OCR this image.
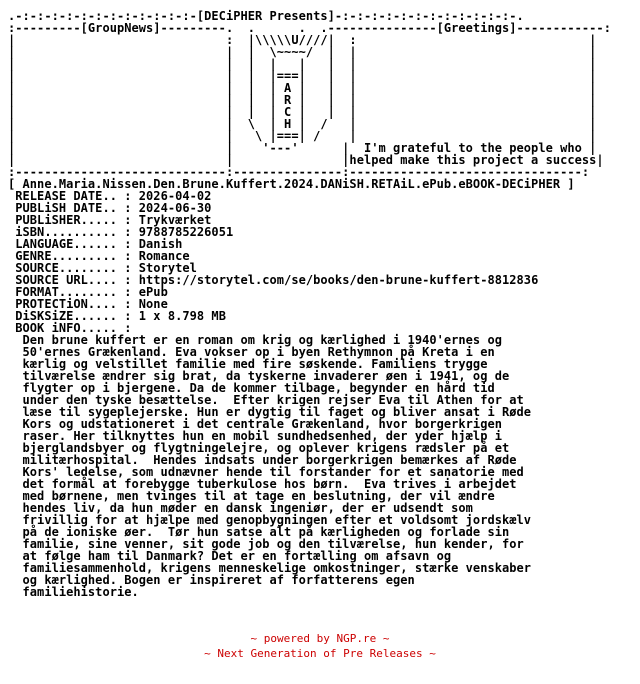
.-:-:-:-:-:-:-:-:-:-:-:-:-[DECiPHER Presents]-:-:-:-:-:-:-:-:-:-:-:-:-.
:---------[GroupNews]---------.  .      .  .---------------[Greetings]------------:
|                             :  |\\\\\U////|  :                                |
|                             |  |  \~~~~/  |  |                                |
|                             |  |  |   |   |  |                                |
|                             |  |  |===|   |  |                                |
|                             |  |  | A |   |  |                                |
|                             |  |  | R |   |  |                                |
|                             |  |  | C |   |  |                                |
|                             |  \  | H |  /   |                                |
|                             |   \ |===| /    |                                |
|                             |    '---'      |  I'm grateful to the people who |
|                             |               |helped make this project a success|
:-----------------------------:---------------:--------------------------------:
[ Anne.Maria.Nissen.Den.Brune.Kuffert.2024.DANiSH.RETAiL.ePub.eBOOK-DECiPHER ]
RELEASE DATE.. : 2026-04-02
PUBLiSH DATE.. : 2024-06-30
PUBLiSHER..... : Trykværket
iSBN.......... : 9788785226051
LANGUAGE...... : Danish
GENRE......... : Romance
SOURCE........ : Storytel
SOURCE URL.... : https://storytel.com/se/books/den-brune-kuffert-8812836
FORMAT........ : ePub
PROTECTiON.... : None
DiSKSiZE...... : 1 x 8.798 MB
BOOK iNFO..... :
Den brune kuffert er en roman om krig og kærlighed i 1940'ernes og
50'ernes Grækenland. Eva vokser op i byen Rethymnon på Kreta i en
kærlig og velstillet familie med fire søskende. Familiens trygge
tilværelse ændrer sig brat, da tyskerne invaderer øen i 1941, og de
flygter op i bjergene. Da de kommer tilbage, begynder en hård tid
under den tyske besættelse.  Efter krigen rejser Eva til Athen for at
læse til sygeplejerske. Hun er dygtig til faget og bliver ansat i Røde
Kors og udstationeret i det centrale Grækenland, hvor borgerkrigen
raser. Her tilknyttes hun en mobil sundhedsenhed, der yder hjælp i
bjerglandsbyer og flygtningelejre, og oplever krigens rædsler på et
militærhospital.  Hendes indsats under borgerkrigen bemærkes af Røde
Kors' ledelse, som udnævner hende til forstander for et sanatorie med
det formål at forebygge tuberkulose hos børn.  Eva trives i arbejdet
med børnene, men tvinges til at tage en beslutning, der vil ændre
hendes liv, da hun møder en dansk ingeniør, der er udsendt som
frivillig for at hjælpe med genopbygningen efter et voldsomt jordskælv
på de ioniske øer.  Tør hun satse alt på kærligheden og forlade sin
familie, sine venner, sit gode job og den tilværelse, hun kender, for
at følge ham til Danmark? Det er en fortælling om afsavn og
familiesammenhold, krigens menneskelige omkostninger, stærke venskaber
og kærlighed. Bogen er inspireret af forfatterens egen
familiehistorie.

~ powered by NGP.re ~
~ Next Generation of Pre Releases ~
